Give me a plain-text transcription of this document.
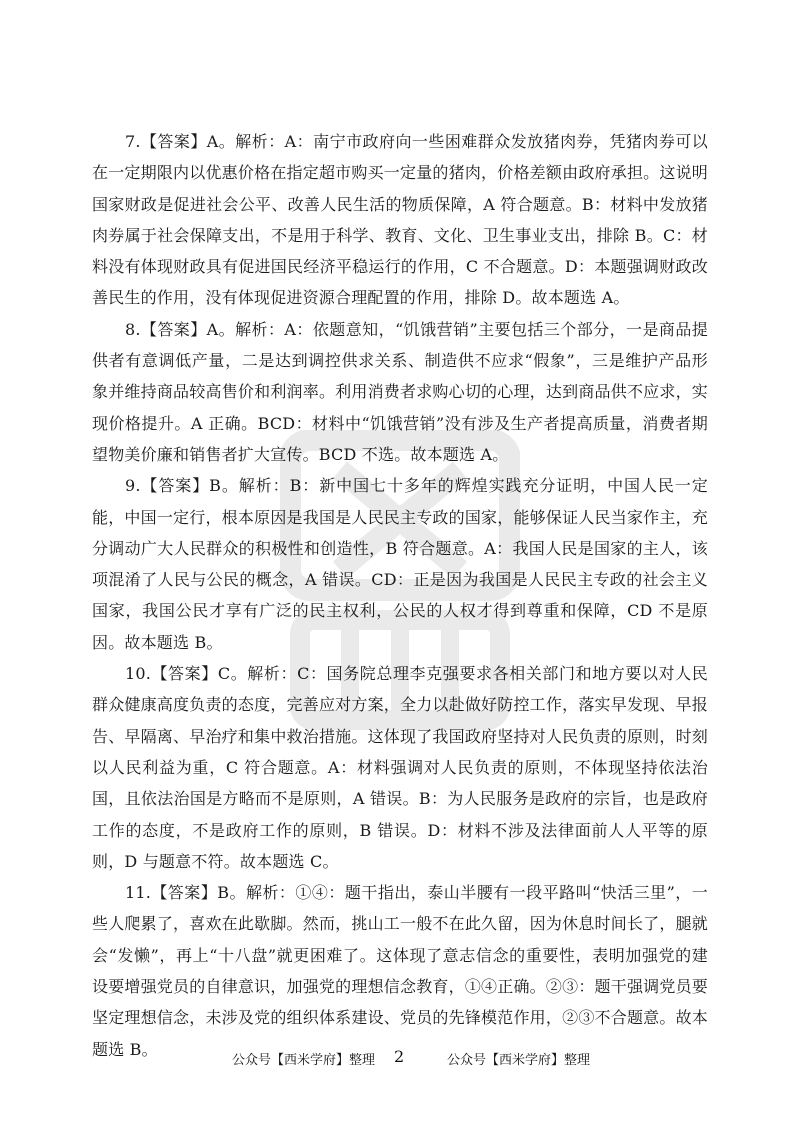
7.【答案】A。解析：A：南宁市政府向一些困难群众发放猪肉券，凭猪肉券可以在一定期限内以优惠价格在指定超市购买一定量的猪肉，价格差额由政府承担。这说明国家财政是促进社会公平、改善人民生活的物质保障，A 符合题意。B：材料中发放猪肉券属于社会保障支出，不是用于科学、教育、文化、卫生事业支出，排除 B。C：材料没有体现财政具有促进国民经济平稳运行的作用，C 不合题意。D：本题强调财政改善民生的作用，没有体现促进资源合理配置的作用，排除 D。故本题选 A。

8.【答案】A。解析：A：依题意知，“饥饿营销”主要包括三个部分，一是商品提供者有意调低产量，二是达到调控供求关系、制造供不应求“假象”，三是维护产品形象并维持商品较高售价和利润率。利用消费者求购心切的心理，达到商品供不应求，实现价格提升。A 正确。BCD：材料中“饥饿营销”没有涉及生产者提高质量，消费者期望物美价廉和销售者扩大宣传。BCD 不选。故本题选 A。

9.【答案】B。解析：B：新中国七十多年的辉煌实践充分证明，中国人民一定能，中国一定行，根本原因是我国是人民民主专政的国家，能够保证人民当家作主，充分调动广大人民群众的积极性和创造性，B 符合题意。A：我国人民是国家的主人，该项混淆了人民与公民的概念，A 错误。CD：正是因为我国是人民民主专政的社会主义国家，我国公民才享有广泛的民主权利，公民的人权才得到尊重和保障，CD 不是原因。故本题选 B。

10.【答案】C。解析：C：国务院总理李克强要求各相关部门和地方要以对人民群众健康高度负责的态度，完善应对方案，全力以赴做好防控工作，落实早发现、早报告、早隔离、早治疗和集中救治措施。这体现了我国政府坚持对人民负责的原则，时刻以人民利益为重，C 符合题意。A：材料强调对人民负责的原则，不体现坚持依法治国，且依法治国是方略而不是原则，A 错误。B：为人民服务是政府的宗旨，也是政府工作的态度，不是政府工作的原则，B 错误。D：材料不涉及法律面前人人平等的原则，D 与题意不符。故本题选 C。

11.【答案】B。解析：①④：题干指出，泰山半腰有一段平路叫“快活三里”，一些人爬累了，喜欢在此歇脚。然而，挑山工一般不在此久留，因为休息时间长了，腿就会“发懒”，再上“十八盘”就更困难了。这体现了意志信念的重要性，表明加强党的建设要增强党员的自律意识，加强党的理想信念教育，①④正确。②③：题干强调党员要坚定理想信念，未涉及党的组织体系建设、党员的先锋模范作用，②③不合题意。故本题选 B。

公众号【西米学府】整理 2	公众号【西米学府】整理
